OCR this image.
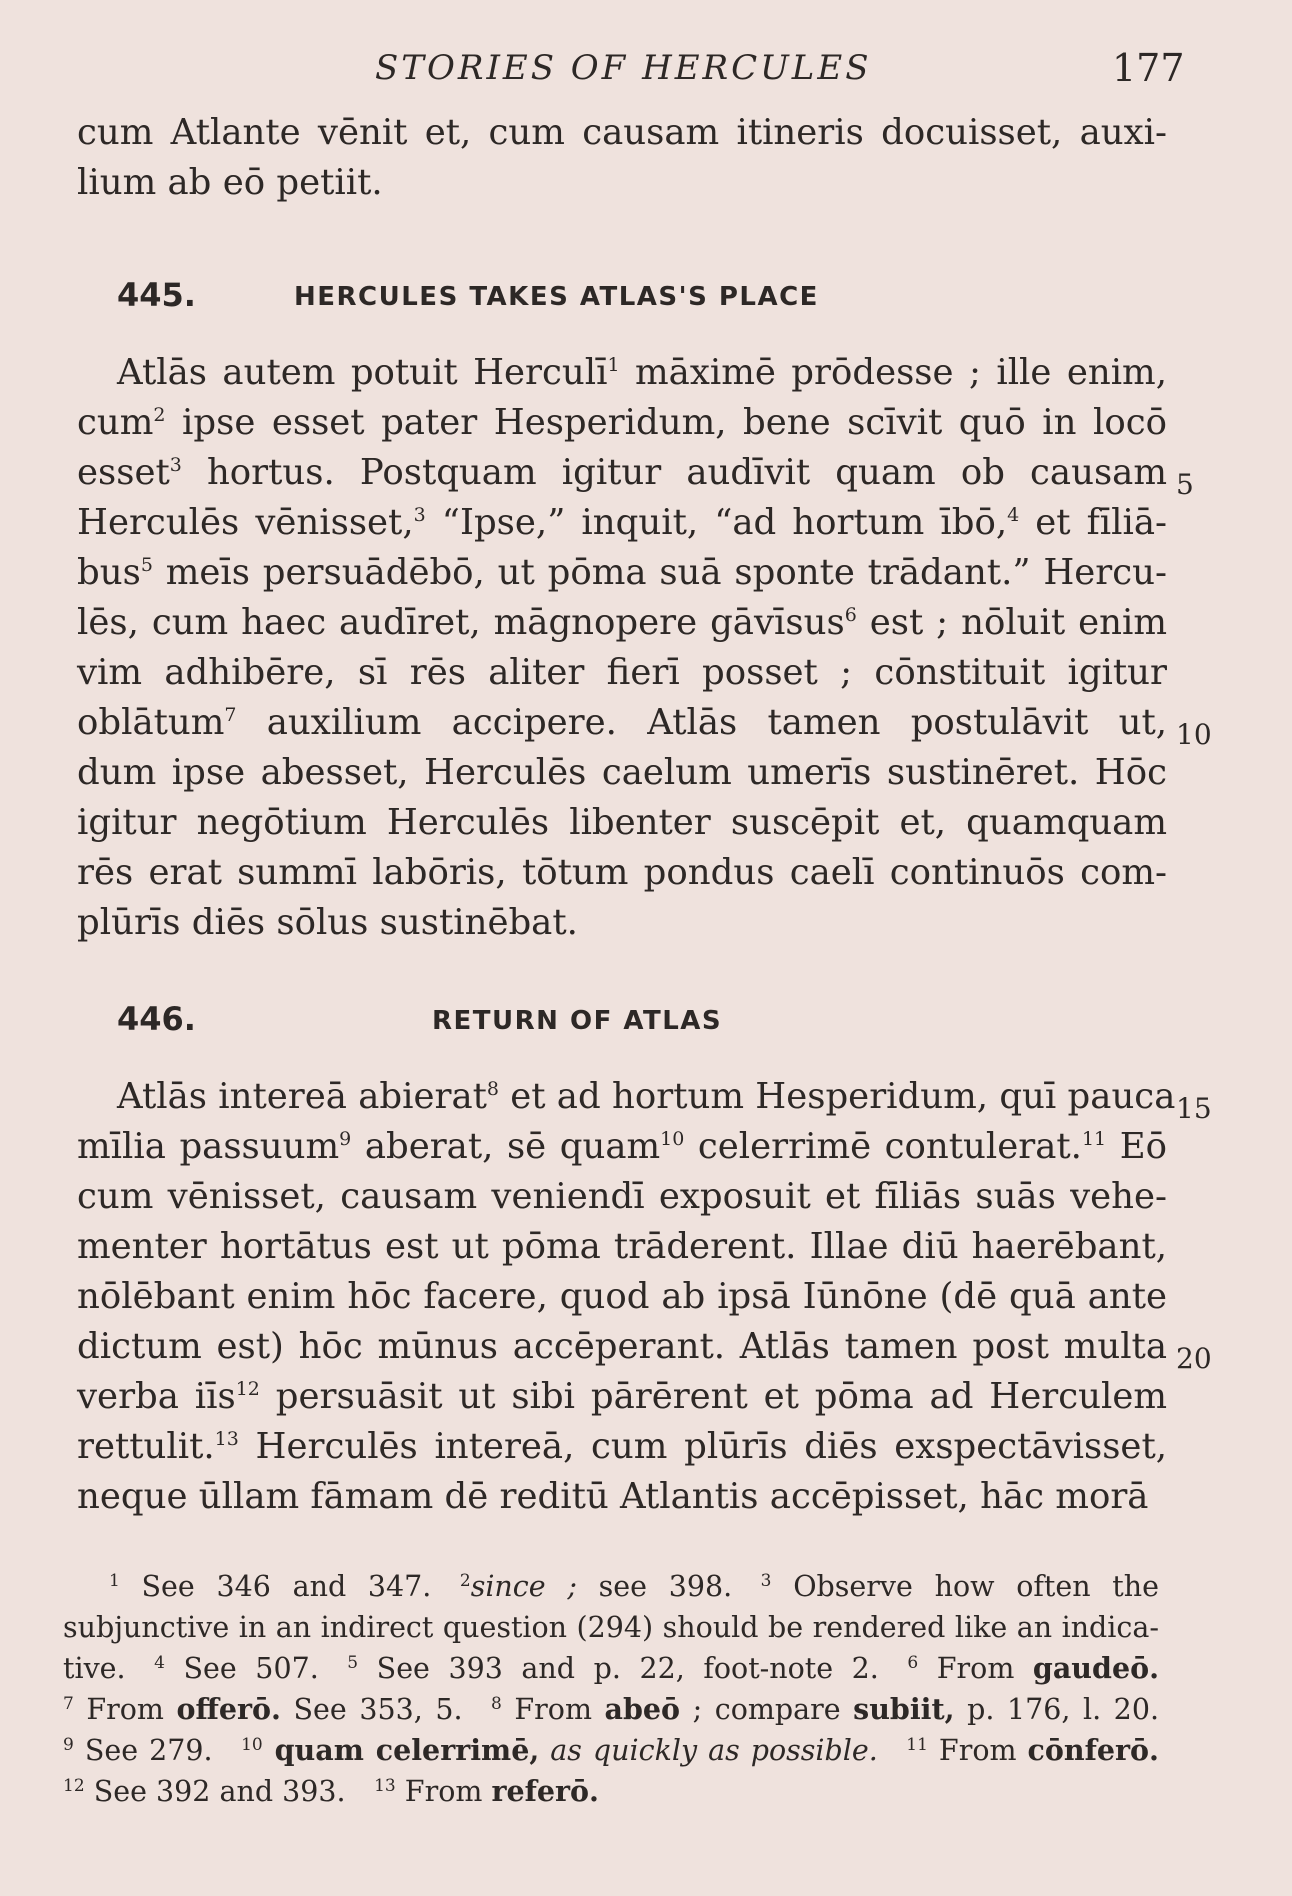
STORIES OF HERCULES	177
cum Atlante vēnit et, cum causam itineris docuisset, auxi-
lium ab eō petiit.
445.	HERCULES TAKES ATLAS'S PLACE
Atlās autem potuit Herculī$^1$ māximē prōdesse ; ille enim,
cum$^2$ ipse esset pater Hesperidum, bene scīvit quō in locō
esset$^3$ hortus. Postquam igitur audīvit quam ob causam
Herculēs vēnisset,$^3$ “Ipse,” inquit, “ad hortum ībō,$^4$ et fīliā-
bus$^5$ meīs persuādēbō, ut pōma suā sponte trādant.” Hercu-
lēs, cum haec audīret, māgnopere gāvīsus$^6$ est ; nōluit enim
vim adhibēre, sī rēs aliter fierī posset ; cōnstituit igitur
oblātum$^7$ auxilium accipere. Atlās tamen postulāvit ut,
dum ipse abesset, Herculēs caelum umerīs sustinēret. Hōc
igitur negōtium Herculēs libenter suscēpit et, quamquam
rēs erat summī labōris, tōtum pondus caelī continuōs com-
plūrīs diēs sōlus sustinēbat.
5
10
446.	RETURN OF ATLAS
Atlās intereā abierat$^8$ et ad hortum Hesperidum, quī pauca
mīlia passuum$^9$ aberat, sē quam$^{10}$ celerrimē contulerat.$^{11}$ Eō
cum vēnisset, causam veniendī exposuit et fīliās suās vehe-
menter hortātus est ut pōma trāderent. Illae diū haerēbant,
nōlēbant enim hōc facere, quod ab ipsā Iūnōne (dē quā ante
dictum est) hōc mūnus accēperant. Atlās tamen post multa
verba iīs$^{12}$ persuāsit ut sibi pārērent et pōma ad Herculem
rettulit.$^{13}$ Herculēs intereā, cum plūrīs diēs exspectāvisset,
neque ūllam fāmam dē reditū Atlantis accēpisset, hāc morā
15
20
$^1$ See 346 and 347.  $^2$since ; see 398.  $^3$ Observe how often the
subjunctive in an indirect question (294) should be rendered like an indica-
tive.  $^4$ See 507.  $^5$ See 393 and p. 22, foot-note 2.  $^6$ From gaudeō.
$^7$ From offerō. See 353, 5.  $^8$ From abeō ; compare subiit, p. 176, l. 20.
$^9$ See 279.  $^{10}$ quam celerrimē, as quickly as possible.  $^{11}$ From cōnferō.
$^{12}$ See 392 and 393.  $^{13}$ From referō.
